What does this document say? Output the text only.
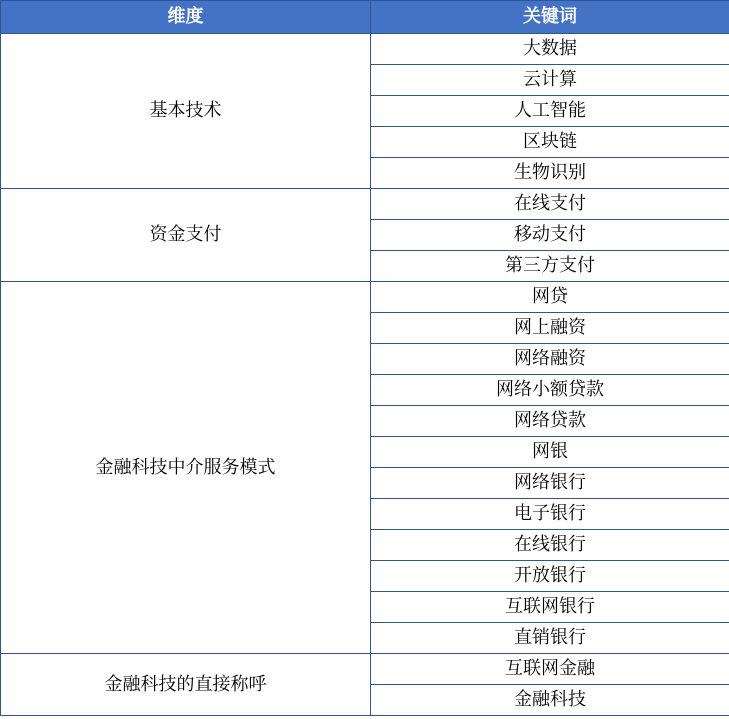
维度	关键词
基本技术	大数据
	云计算
	人工智能
	区块链
	生物识别
资金支付	在线支付
	移动支付
	第三方支付
金融科技中介服务模式	网贷
	网上融资
	网络融资
	网络小额贷款
	网络贷款
	网银
	网络银行
	电子银行
	在线银行
	开放银行
	互联网银行
	直销银行
金融科技的直接称呼	互联网金融
	金融科技
